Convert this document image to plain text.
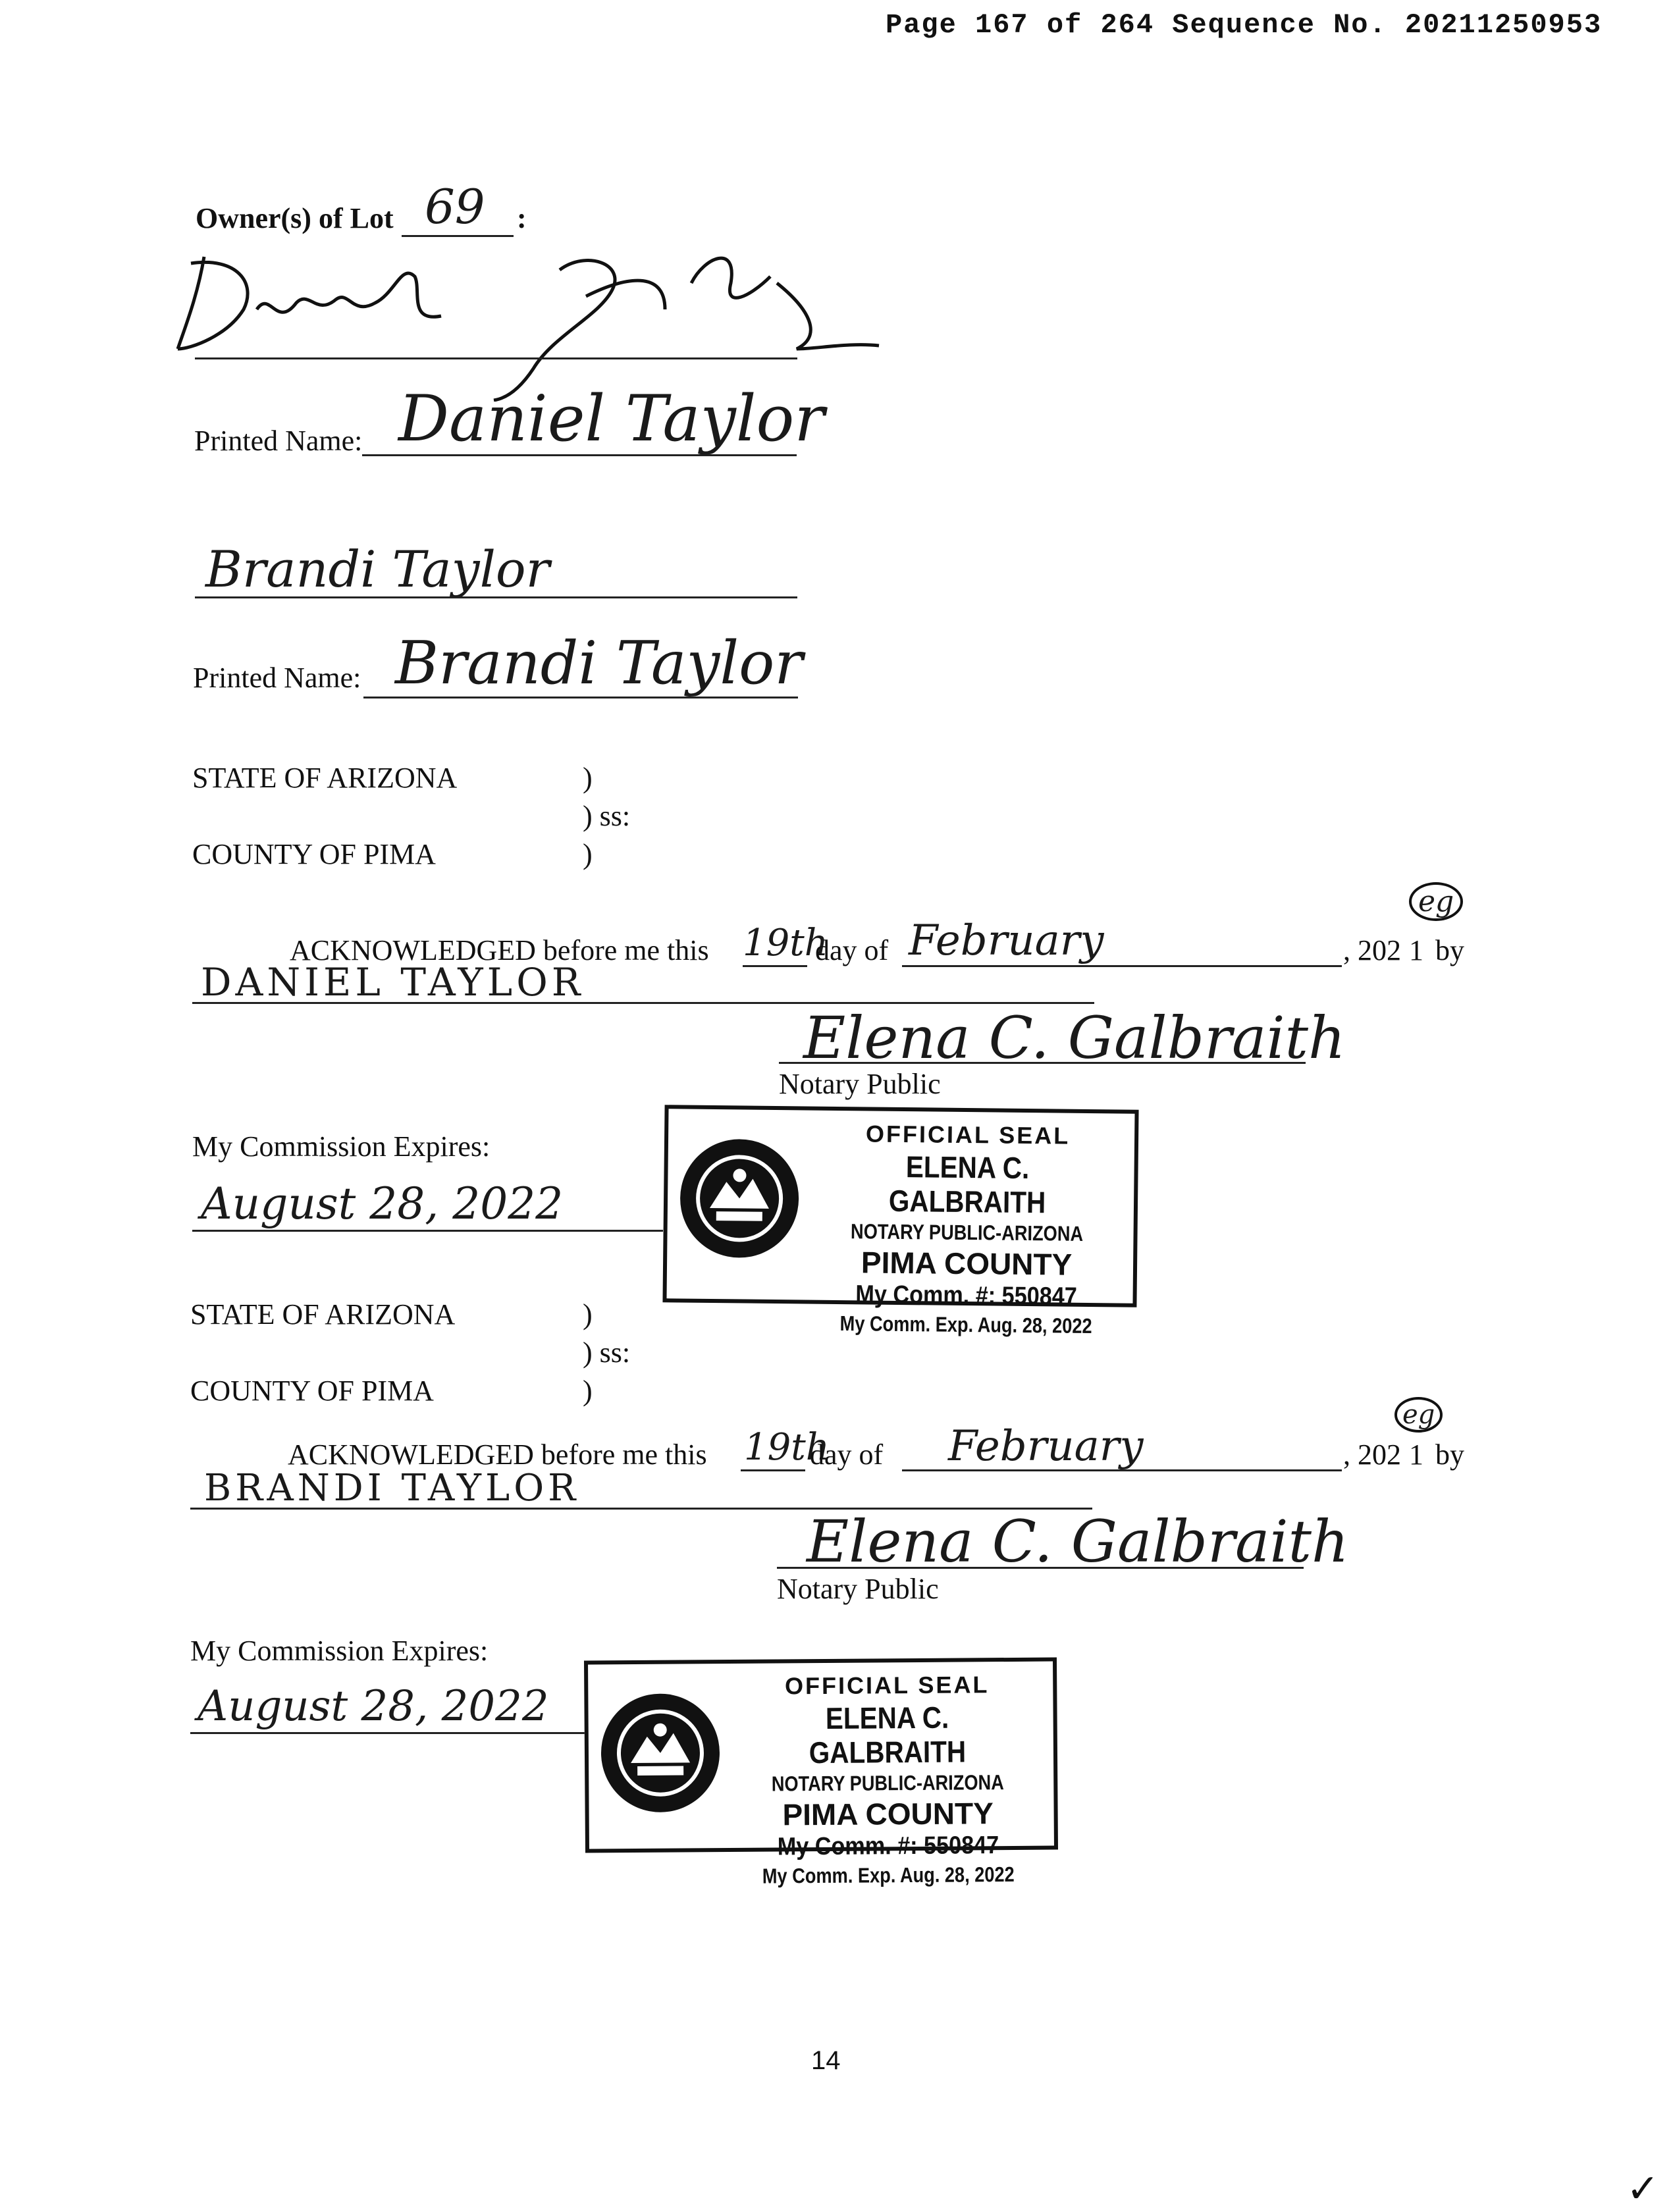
Page 167 of 264 Sequence No. 20211250953
Owner(s) of Lot 69 :
Printed Name: Daniel Taylor
Brandi Taylor
Printed Name: Brandi Taylor
STATE OF ARIZONA	)
) ss:
COUNTY OF PIMA	)
ACKNOWLEDGED before me this 19th
day of February	, 202 1
eg
by
DANIEL TAYLOR
Elena C. Galbraith
Notary Public
My Commission Expires:
August 28, 2022
OFFICIAL SEAL
ELENA C. GALBRAITH
NOTARY PUBLIC-ARIZONA
PIMA COUNTY
My Comm. #: 550847
My Comm. Exp. Aug. 28, 2022
STATE OF ARIZONA	)
) ss:
COUNTY OF PIMA	)
ACKNOWLEDGED before me this 19th
day of February	, 202 1
eg
by
BRANDI TAYLOR
Elena C. Galbraith
Notary Public
My Commission Expires:
August 28, 2022	OFFICIAL SEAL
ELENA C. GALBRAITH
NOTARY PUBLIC-ARIZONA
PIMA COUNTY
My Comm. #: 550847
My Comm. Exp. Aug. 28, 2022
14
✓
